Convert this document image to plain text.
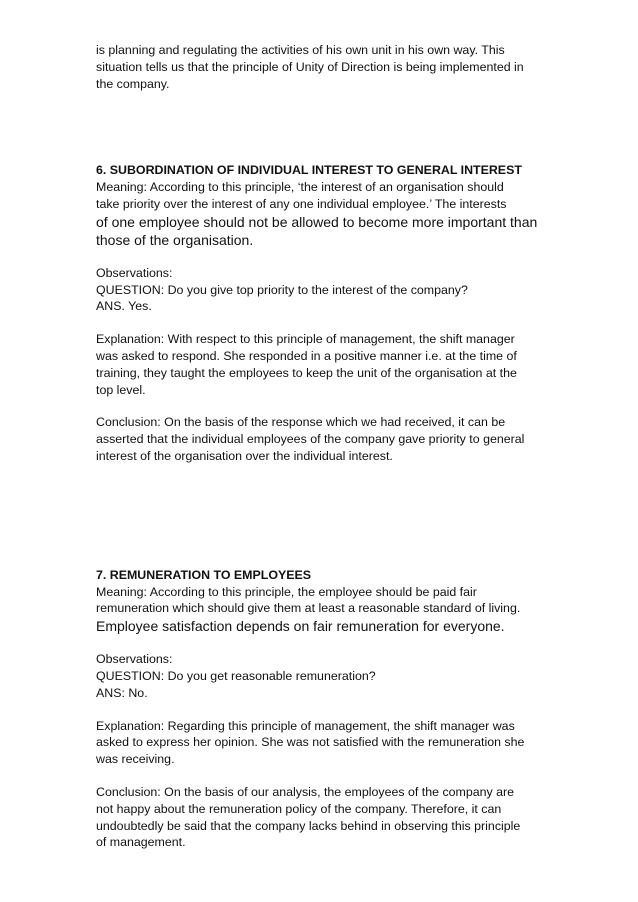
is planning and regulating the activities of his own unit in his own way. This
situation tells us that the principle of Unity of Direction is being implemented in
the company.
6. SUBORDINATION OF INDIVIDUAL INTEREST TO GENERAL INTEREST
Meaning: According to this principle, ‘the interest of an organisation should
take priority over the interest of any one individual employee.’ The interests
of one employee should not be allowed to become more important than
those of the organisation.
Observations:
QUESTION: Do you give top priority to the interest of the company?
ANS. Yes.
Explanation: With respect to this principle of management, the shift manager
was asked to respond. She responded in a positive manner i.e. at the time of
training, they taught the employees to keep the unit of the organisation at the
top level.
Conclusion: On the basis of the response which we had received, it can be
asserted that the individual employees of the company gave priority to general
interest of the organisation over the individual interest.
7. REMUNERATION TO EMPLOYEES
Meaning: According to this principle, the employee should be paid fair
remuneration which should give them at least a reasonable standard of living.
Employee satisfaction depends on fair remuneration for everyone.
Observations:
QUESTION: Do you get reasonable remuneration?
ANS: No.
Explanation: Regarding this principle of management, the shift manager was
asked to express her opinion. She was not satisfied with the remuneration she
was receiving.
Conclusion: On the basis of our analysis, the employees of the company are
not happy about the remuneration policy of the company. Therefore, it can
undoubtedly be said that the company lacks behind in observing this principle
of management.
